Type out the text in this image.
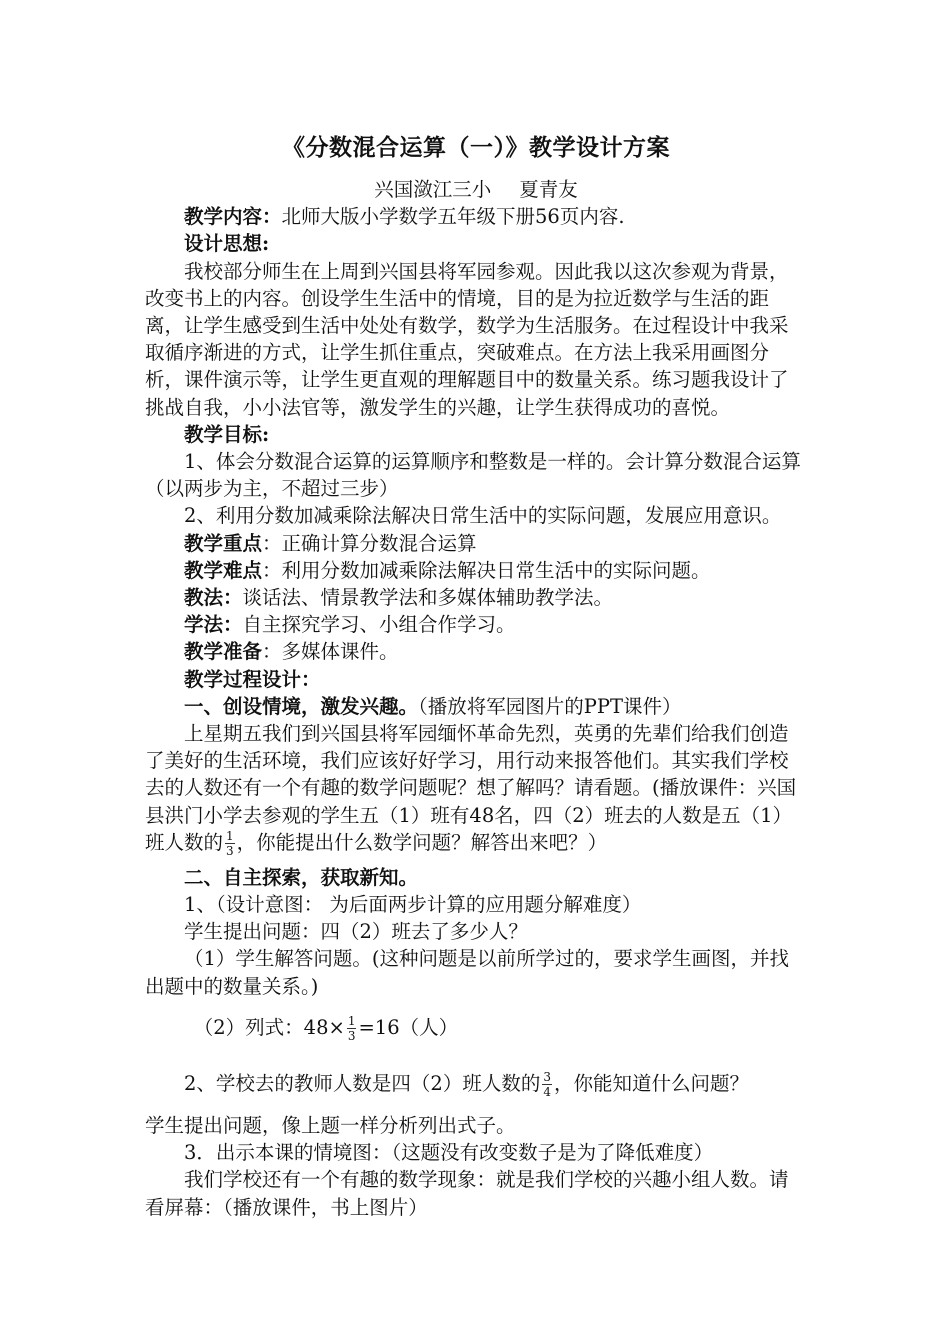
《分数混合运算（一）》教学设计方案

兴国潋江三小 夏青友

教学内容：北师大版小学数学五年级下册56页内容.

设计思想:

我校部分师生在上周到兴国县将军园参观。因此我以这次参观为背景，改变书上的内容。创设学生生活中的情境，目的是为拉近数学与生活的距离，让学生感受到生活中处处有数学，数学为生活服务。在过程设计中我采取循序渐进的方式，让学生抓住重点，突破难点。在方法上我采用画图分析，课件演示等，让学生更直观的理解题目中的数量关系。练习题我设计了挑战自我，小小法官等，激发学生的兴趣，让学生获得成功的喜悦。

教学目标:

1、体会分数混合运算的运算顺序和整数是一样的。会计算分数混合运算（以两步为主，不超过三步）

2、利用分数加减乘除法解决日常生活中的实际问题，发展应用意识。

教学重点：正确计算分数混合运算

教学难点：利用分数加减乘除法解决日常生活中的实际问题。

教法：谈话法、情景教学法和多媒体辅助教学法。

学法：自主探究学习、小组合作学习。

教学准备：多媒体课件。

教学过程设计：

一、创设情境，激发兴趣。（播放将军园图片的PPT课件）

上星期五我们到兴国县将军园缅怀革命先烈，英勇的先辈们给我们创造了美好的生活环境，我们应该好好学习，用行动来报答他们。其实我们学校去的人数还有一个有趣的数学问题呢？想了解吗？请看题。(播放课件：兴国县洪门小学去参观的学生五（1）班有48名，四（2）班去的人数是五（1）班人数的 $\frac{1}{3}$ ，你能提出什么数学问题？解答出来吧？）

二、自主探索，获取新知。

1、（设计意图： 为后面两步计算的应用题分解难度）

学生提出问题：四（2）班去了多少人？

（1）学生解答问题。(这种问题是以前所学过的，要求学生画图，并找出题中的数量关系。)

（2）列式：$48\times \frac{1}{3} =16$（人）

2、学校去的教师人数是四（2）班人数的 $\frac{3}{4}$ ，你能知道什么问题？

学生提出问题，像上题一样分析列出式子。

3．出示本课的情境图：（这题没有改变数子是为了降低难度）

我们学校还有一个有趣的数学现象：就是我们学校的兴趣小组人数。请看屏幕：（播放课件，书上图片）
